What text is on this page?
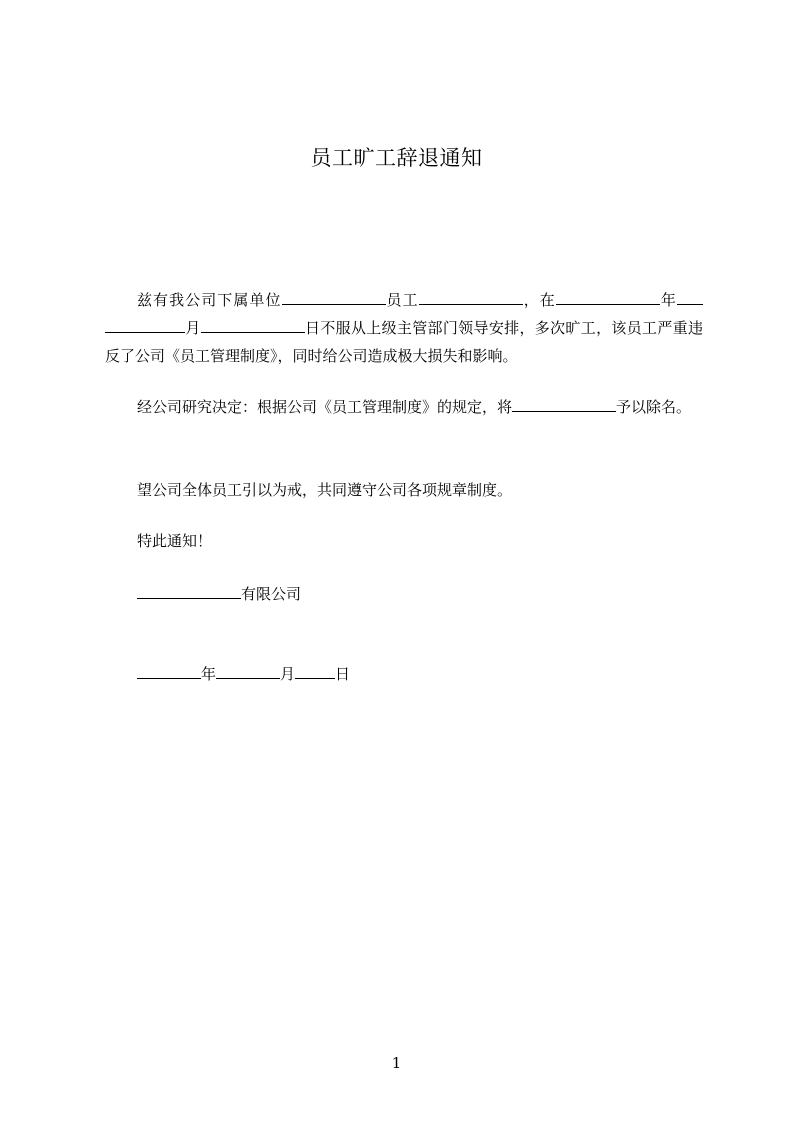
员工旷工辞退通知

兹有我公司下属单位	员工	，在	年月	日不服从上级主管部门领导安排，多次旷工，该员工严重违反了公司《员工管理制度》，同时给公司造成极大损失和影响。

经公司研究决定：根据公司《员工管理制度》的规定，将	予以除名。

望公司全体员工引以为戒，共同遵守公司各项规章制度。

特此通知！

有限公司

年	月	日

1
